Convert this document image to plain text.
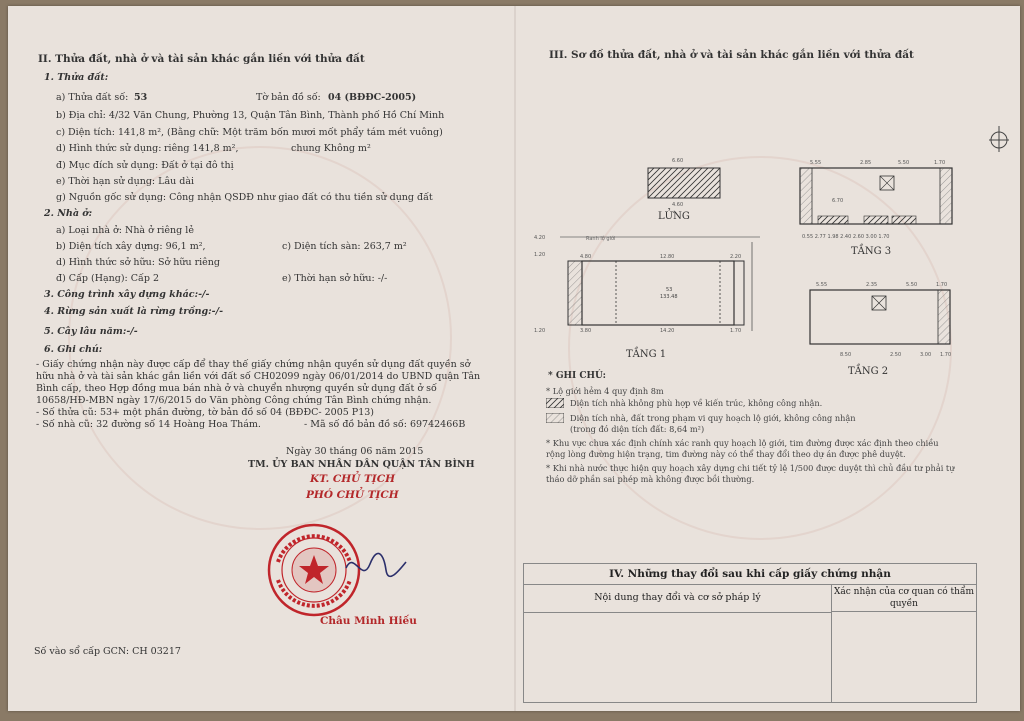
II. Thửa đất, nhà ở và tài sản khác gắn liền với thửa đất
1. Thửa đất:
a) Thửa đất số: 53	Tờ bản đồ số: 04 (BĐĐC-2005)
b) Địa chỉ: 4/32 Văn Chung, Phường 13, Quận Tân Bình, Thành phố Hồ Chí Minh
c) Diện tích: 141,8 m², (Bằng chữ: Một trăm bốn mươi mốt phẩy tám mét vuông)
d) Hình thức sử dụng: riêng 141,8 m²,	chung Không m²
đ) Mục đích sử dụng: Đất ở tại đô thị
e) Thời hạn sử dụng: Lâu dài
g) Nguồn gốc sử dụng: Công nhận QSDĐ như giao đất có thu tiền sử dụng đất
2. Nhà ở:
a) Loại nhà ở: Nhà ở riêng lẻ
b) Diện tích xây dựng: 96,1 m²,	c) Diện tích sàn: 263,7 m²
d) Hình thức sở hữu: Sở hữu riêng
đ) Cấp (Hạng): Cấp 2	e) Thời hạn sở hữu: -/-
3. Công trình xây dựng khác:-/-
4. Rừng sản xuất là rừng trồng:-/-
5. Cây lâu năm:-/-
6. Ghi chú:
- Giấy chứng nhận này được cấp để thay thế giấy chứng nhận quyền sử dụng đất quyền sở
hữu nhà ở và tài sản khác gắn liền với đất số CH02099 ngày 06/01/2014 do UBND quận Tân
Bình cấp, theo Hợp đồng mua bán nhà ở và chuyển nhượng quyền sử dụng đất ở số
10658/HĐ-MBN ngày 17/6/2015 do Văn phòng Công chứng Tân Bình chứng nhận.
- Số thửa cũ: 53+ một phần đường, tờ bản đồ số 04 (BĐĐC- 2005 P13)
- Số nhà cũ: 32 đường số 14 Hoàng Hoa Thám.	- Mã số đồ bản đồ số: 69742466B
Ngày 30 tháng 06 năm 2015
TM. ỦY BAN NHÂN DÂN QUẬN TÂN BÌNH
KT. CHỦ TỊCH
PHÓ CHỦ TỊCH
Châu Minh Hiếu
Số vào sổ cấp GCN: CH 03217
III. Sơ đồ thửa đất, nhà ở và tài sản khác gắn liền với thửa đất
6.60
4.60
53
133.48
Ranh lộ giới
4.80	12.80	2.20
3.80	14.20	1.70
4.20
1.20
1.20
5.55	2.85	5.50	1.70
6.70
0.55 2.77 1.98 2.40 2.60 3.00 1.70
5.55	2.35	5.50	1.70
8.50	2.50	3.00 1.70
LỬNG
TẦNG 1
TẦNG 3
TẦNG 2
* GHI CHÚ:
* Lộ giới hẻm 4 quy định 8m
Diện tích nhà không phù hợp về kiến trúc, không công nhận.
Diện tích nhà, đất trong phạm vi quy hoạch lộ giới, không công nhận
(trong đó diện tích đất: 8,64 m²)
* Khu vực chưa xác định chính xác ranh quy hoạch lộ giới, tim đường được xác định theo chiều
rộng lòng đường hiện trạng, tim đường này có thể thay đổi theo dự án được phê duyệt.
* Khi nhà nước thực hiện quy hoạch xây dựng chi tiết tỷ lệ 1/500 được duyệt thì chủ đầu tư phải tự
tháo dỡ phần sai phép mà không được bồi thường.
IV. Những thay đổi sau khi cấp giấy chứng nhận
Nội dung thay đổi và cơ sở pháp lý	Xác nhận của cơ quan có thẩm quyền
